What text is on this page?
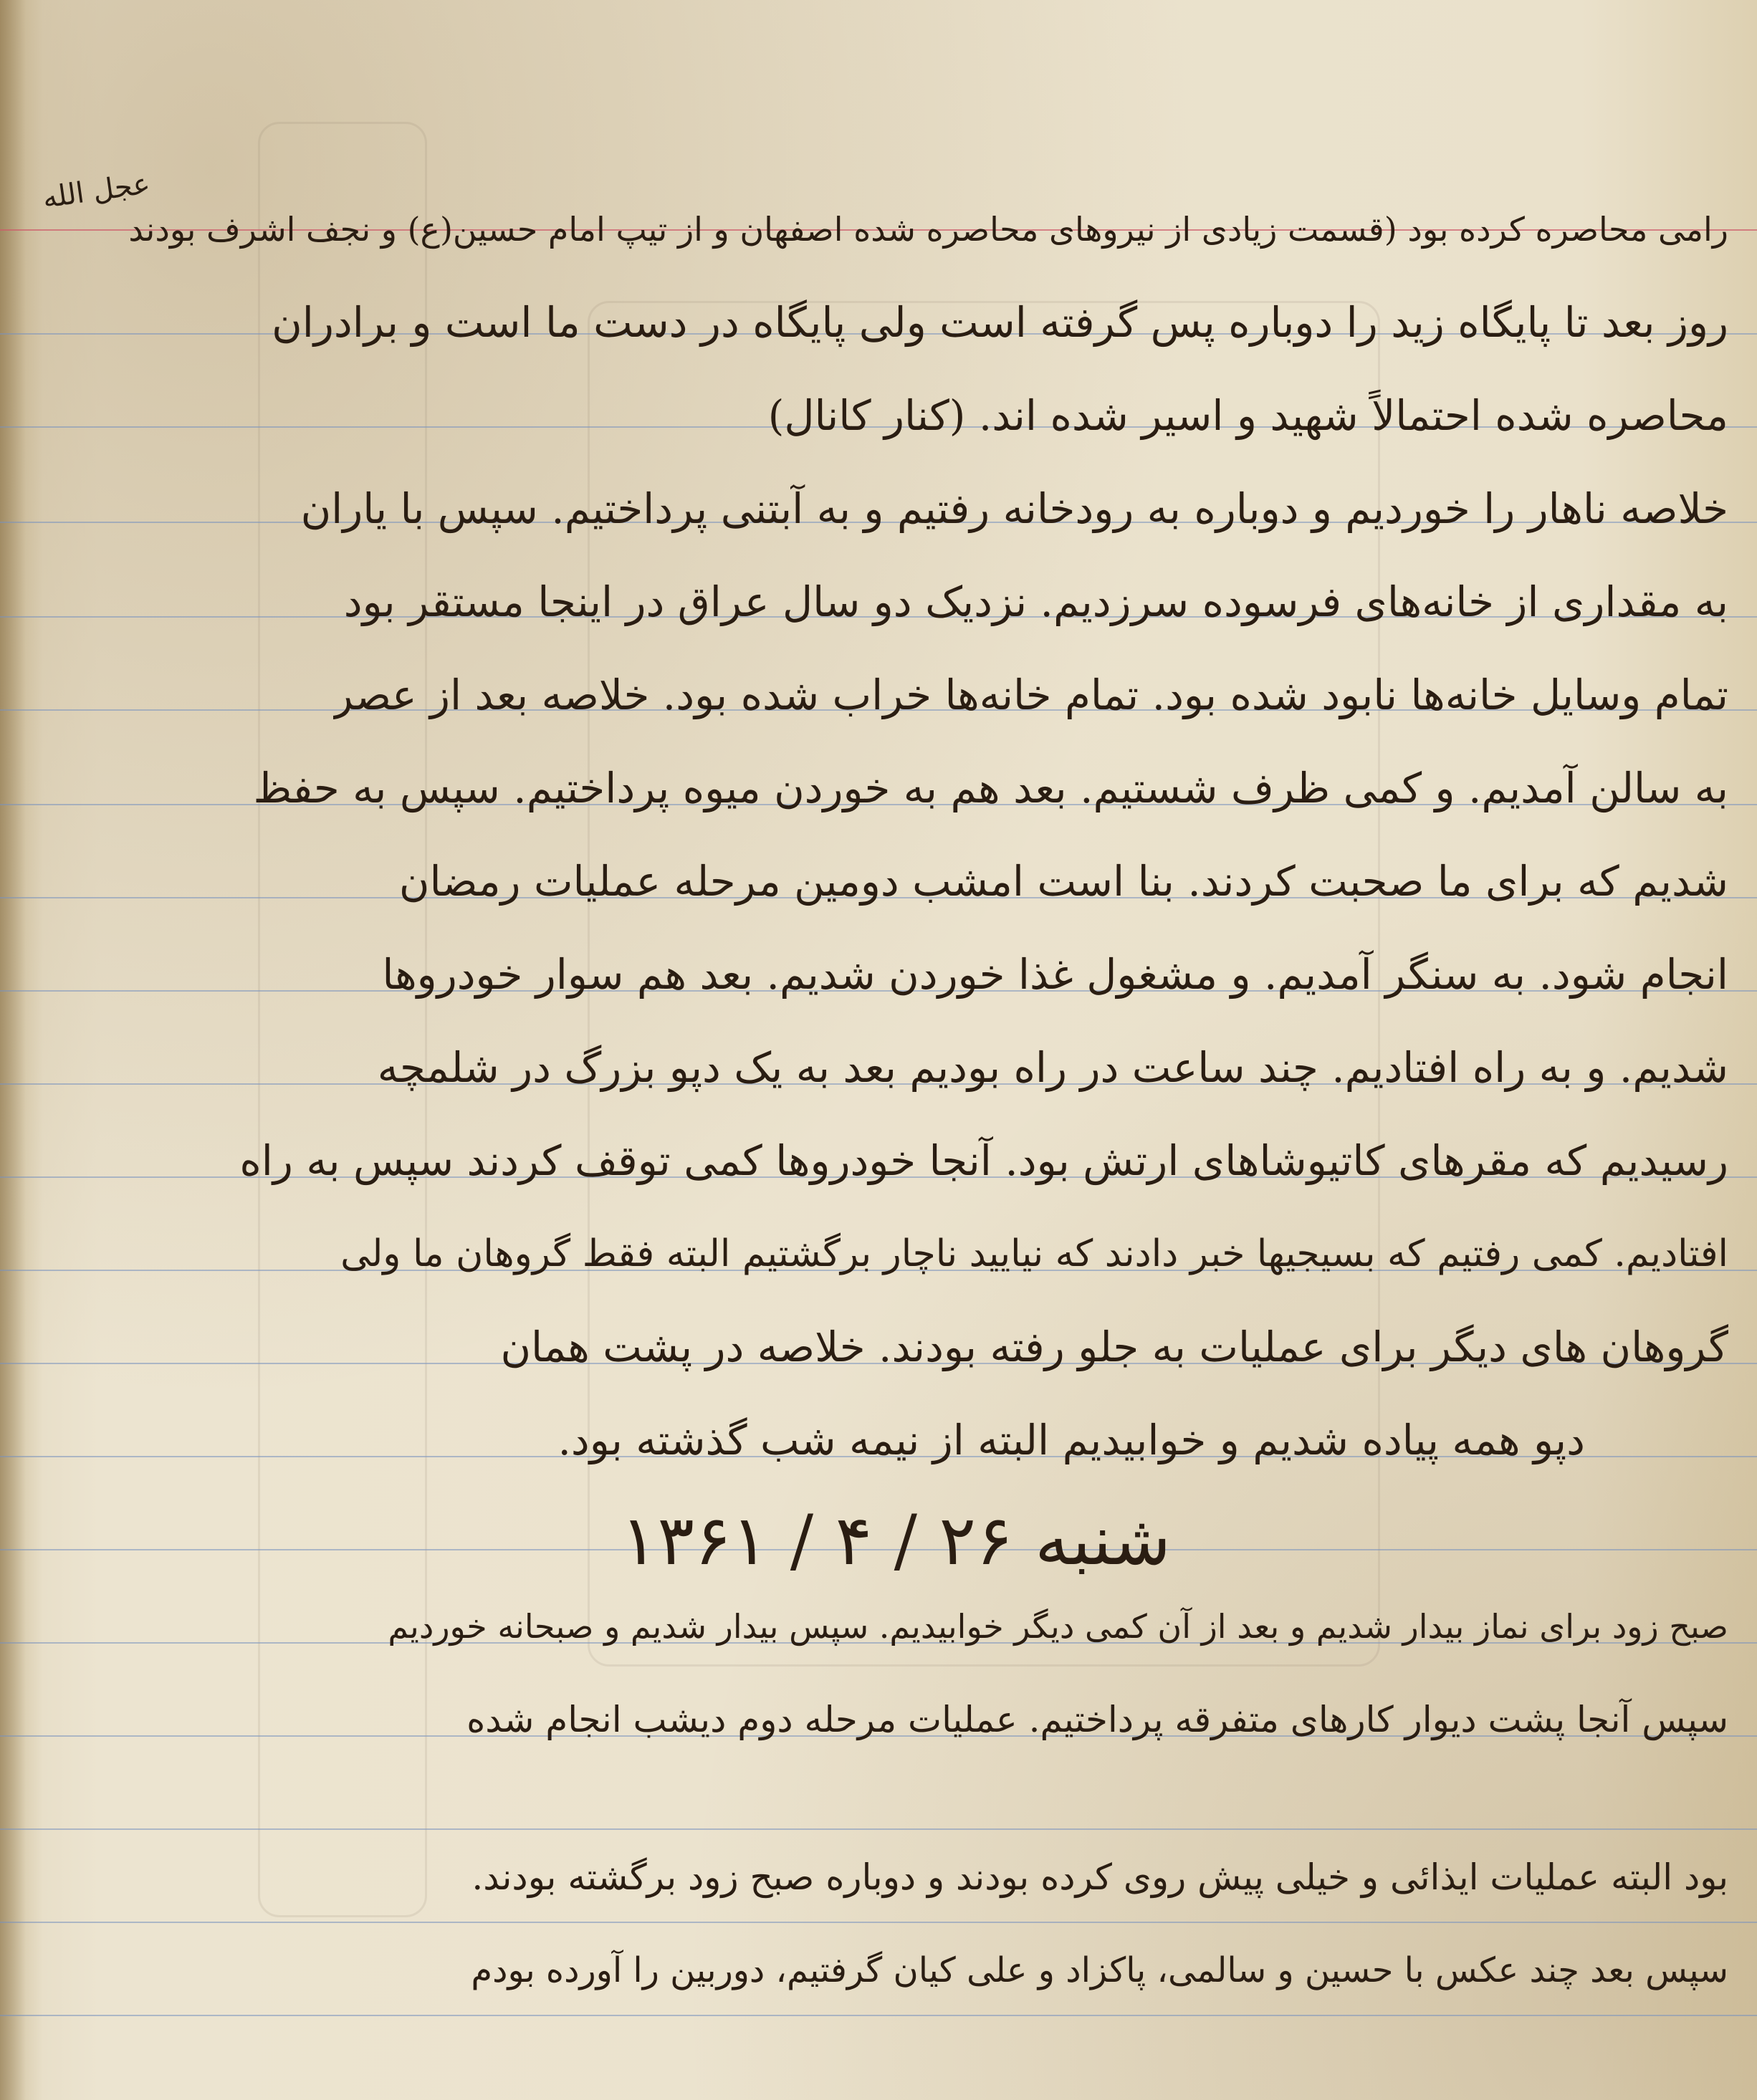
عجل الله
رامی محاصره کرده بود (قسمت زیادی از نیروهای محاصره شده اصفهان و از تیپ امام حسین(ع) و نجف اشرف بودند
روز بعد تا پایگاه زید را دوباره پس گرفته است ولی پایگاه در دست ما است و برادران
محاصره شده احتمالاً شهید و اسیر شده اند. (کنار کانال)
خلاصه ناهار را خوردیم و دوباره به رودخانه رفتیم و به آبتنی پرداختیم. سپس با یاران
به مقداری از خانه‌های فرسوده سرزدیم. نزدیک دو سال عراق در اینجا مستقر بود
تمام وسایل خانه‌ها نابود شده بود. تمام خانه‌ها خراب شده بود. خلاصه بعد از عصر
به سالن آمدیم. و کمی ظرف شستیم. بعد هم به خوردن میوه پرداختیم. سپس به حفظ
شدیم که برای ما صحبت کردند. بنا است امشب دومین مرحله عملیات رمضان
انجام شود. به سنگر آمدیم. و مشغول غذا خوردن شدیم. بعد هم سوار خودروها
شدیم. و به راه افتادیم. چند ساعت در راه بودیم بعد به یک دپو بزرگ در شلمچه
رسیدیم که مقرهای کاتیوشاهای ارتش بود. آنجا خودروها کمی توقف کردند سپس به راه
افتادیم. کمی رفتیم که بسیجیها خبر دادند که نیایید ناچار برگشتیم البته فقط گروهان ما ولی
گروهان های دیگر برای عملیات به جلو رفته بودند. خلاصه در پشت همان
دپو همه پیاده شدیم و خوابیدیم البته از نیمه شب گذشته بود.
شنبه ۲۶ / ۴ / ۱۳۶۱
صبح زود برای نماز بیدار شدیم و بعد از آن کمی دیگر خوابیدیم. سپس بیدار شدیم و صبحانه خوردیم
سپس آنجا پشت دیوار کارهای متفرقه پرداختیم. عملیات مرحله دوم دیشب انجام شده
بود البته عملیات ایذائی و خیلی پیش روی کرده بودند و دوباره صبح زود برگشته بودند.
سپس بعد چند عکس با حسین و سالمی، پاکزاد و علی کیان گرفتیم، دوربین را آورده بودم
